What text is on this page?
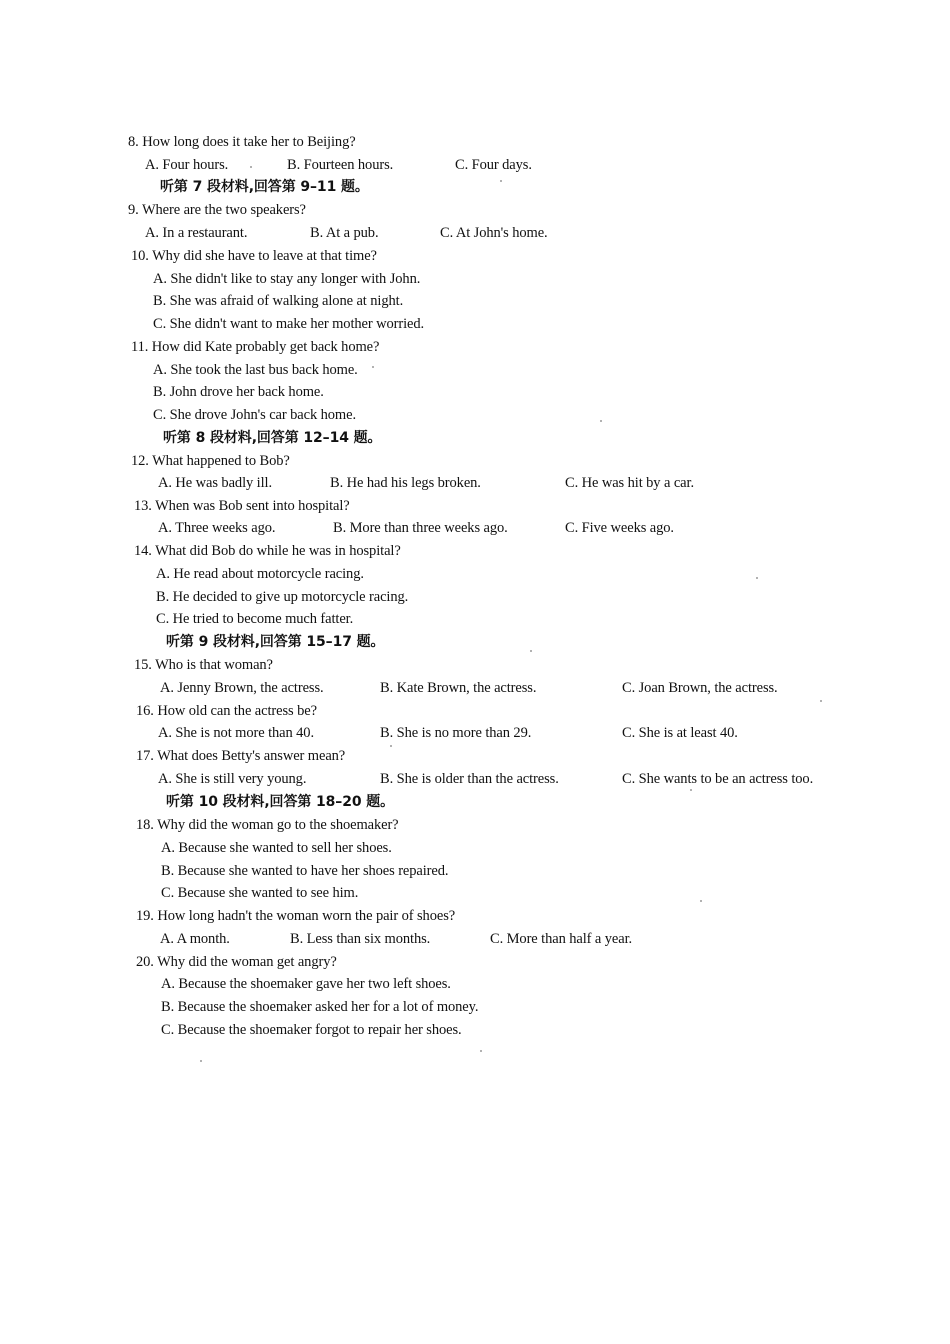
8. How long does it take her to Beijing?
A. Four hours.	B. Fourteen hours.	C. Four days.
听第 7 段材料,回答第 9–11 题。
9. Where are the two speakers?
A. In a restaurant.	B. At a pub.	C. At John's home.
10. Why did she have to leave at that time?
A. She didn't like to stay any longer with John.
B. She was afraid of walking alone at night.
C. She didn't want to make her mother worried.
11. How did Kate probably get back home?
A. She took the last bus back home.
B. John drove her back home.
C. She drove John's car back home.
听第 8 段材料,回答第 12–14 题。
12. What happened to Bob?
A. He was badly ill.	B. He had his legs broken.	C. He was hit by a car.
13. When was Bob sent into hospital?
A. Three weeks ago.	B. More than three weeks ago.	C. Five weeks ago.
14. What did Bob do while he was in hospital?
A. He read about motorcycle racing.
B. He decided to give up motorcycle racing.
C. He tried to become much fatter.
听第 9 段材料,回答第 15–17 题。
15. Who is that woman?
A. Jenny Brown, the actress.	B. Kate Brown, the actress.	C. Joan Brown, the actress.
16. How old can the actress be?
A. She is not more than 40.	B. She is no more than 29.	C. She is at least 40.
17. What does Betty's answer mean?
A. She is still very young.	B. She is older than the actress.	C. She wants to be an actress too.
听第 10 段材料,回答第 18–20 题。
18. Why did the woman go to the shoemaker?
A. Because she wanted to sell her shoes.
B. Because she wanted to have her shoes repaired.
C. Because she wanted to see him.
19. How long hadn't the woman worn the pair of shoes?
A. A month.	B. Less than six months.	C. More than half a year.
20. Why did the woman get angry?
A. Because the shoemaker gave her two left shoes.
B. Because the shoemaker asked her for a lot of money.
C. Because the shoemaker forgot to repair her shoes.
